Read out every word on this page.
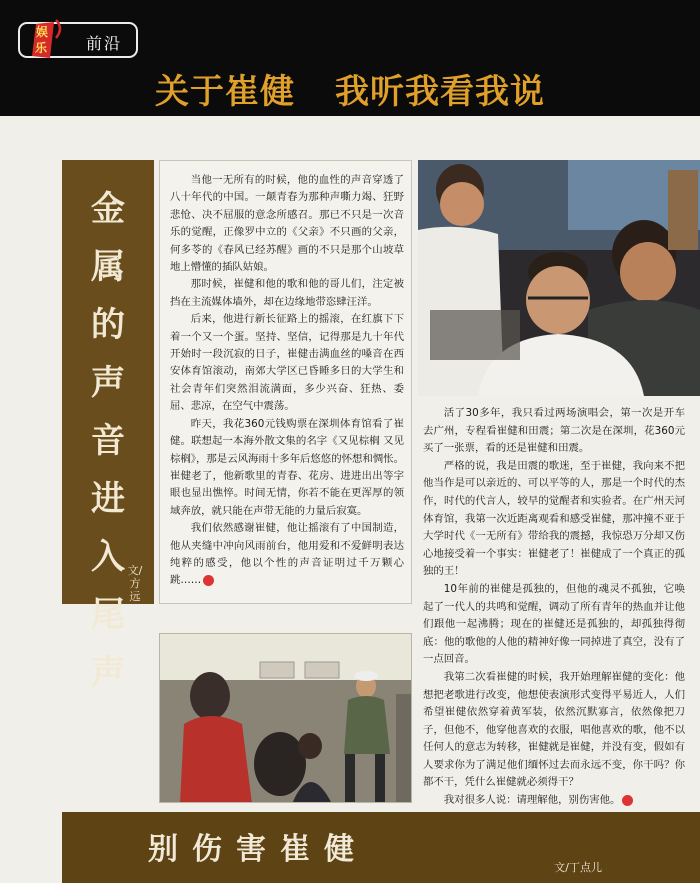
娱
乐 前沿
关于崔健 我听我看我说
金
属
的
声
音
进
入
尾
声
文/方远

当他一无所有的时候，他的血性的声音穿透了八十年代的中国。一颠青春为那种声嘶力竭、狂野悲怆、决不屈服的意念所感召。那已不只是一次音乐的觉醒，正像罗中立的《父亲》不只画的父亲，何多苓的《春风已经苏醒》画的不只是那个山坡草地上懵懂的插队姑娘。

那时候，崔健和他的歌和他的哥儿们，注定被挡在主流媒体墙外，却在边缘地带恣肆汪洋。

后来，他进行新长征路上的摇滚，在红旗下下着一个又一个蛋。坚持、坚信，记得那是九十年代开始时一段沉寂的日子，崔健击满血丝的嗓音在西安体育馆滚动，南郊大学区已昏睡多日的大学生和社会青年们突然泪流满面，多少兴奋、狂热、委屈、悲凉，在空气中震荡。

昨天，我花360元钱购票在深圳体育馆看了崔健。联想起一本海外散文集的名字《又见棕榈 又见棕榈》，那是云风海雨十多年后悠悠的怀想和惆怅。崔健老了，他新歌里的青春、花房、进进出出等字眼也显出憔悴。时间无情，你若不能在更浑厚的领域奔放，就只能在声带无能的力量后寂寞。

我们依然感谢崔健，他让摇滚有了中国制造，他从夹缝中冲向风雨前台，他用爱和不爱鲜明表达纯粹的感受，他以个性的声音证明过千万颗心跳……

活了30多年，我只看过两场演唱会，第一次是开车去广州，专程看崔健和田震；第二次是在深圳，花360元买了一张票，看的还是崔健和田震。

严格的说，我是田震的歌迷，至于崔健，我向来不把他当作是可以亲近的、可以平等的人，那是一个时代的杰作，时代的代言人，较早的觉醒者和实验者。在广州天河体育馆，我第一次近距离观看和感受崔健，那冲撞不亚于大学时代《一无所有》带给我的震撼，我惊恐万分却又伤心地接受着一个事实：崔健老了！崔健成了一个真正的孤独的王！

10年前的崔健是孤独的，但他的魂灵不孤独，它唤起了一代人的共鸣和觉醒，调动了所有青年的热血并让他们跟他一起沸腾；现在的崔健还是孤独的，却孤独得彻底：他的歌他的人他的精神好像一同掉进了真空，没有了一点回音。

我第二次看崔健的时候，我开始理解崔健的变化：他想把老歌进行改变，他想使表演形式变得平易近人，人们希望崔健依然穿着黄军装，依然沉默寡言，依然像把刀子，但他不，他穿他喜欢的衣服，唱他喜欢的歌，他不以任何人的意志为转移，崔健就是崔健，并没有变，假如有人要求你为了满足他们缅怀过去而永远不变，你干吗？你都不干，凭什么崔健就必须得干？

我对很多人说：请理解他，别伤害他。

别伤害崔健
文/丁点儿
